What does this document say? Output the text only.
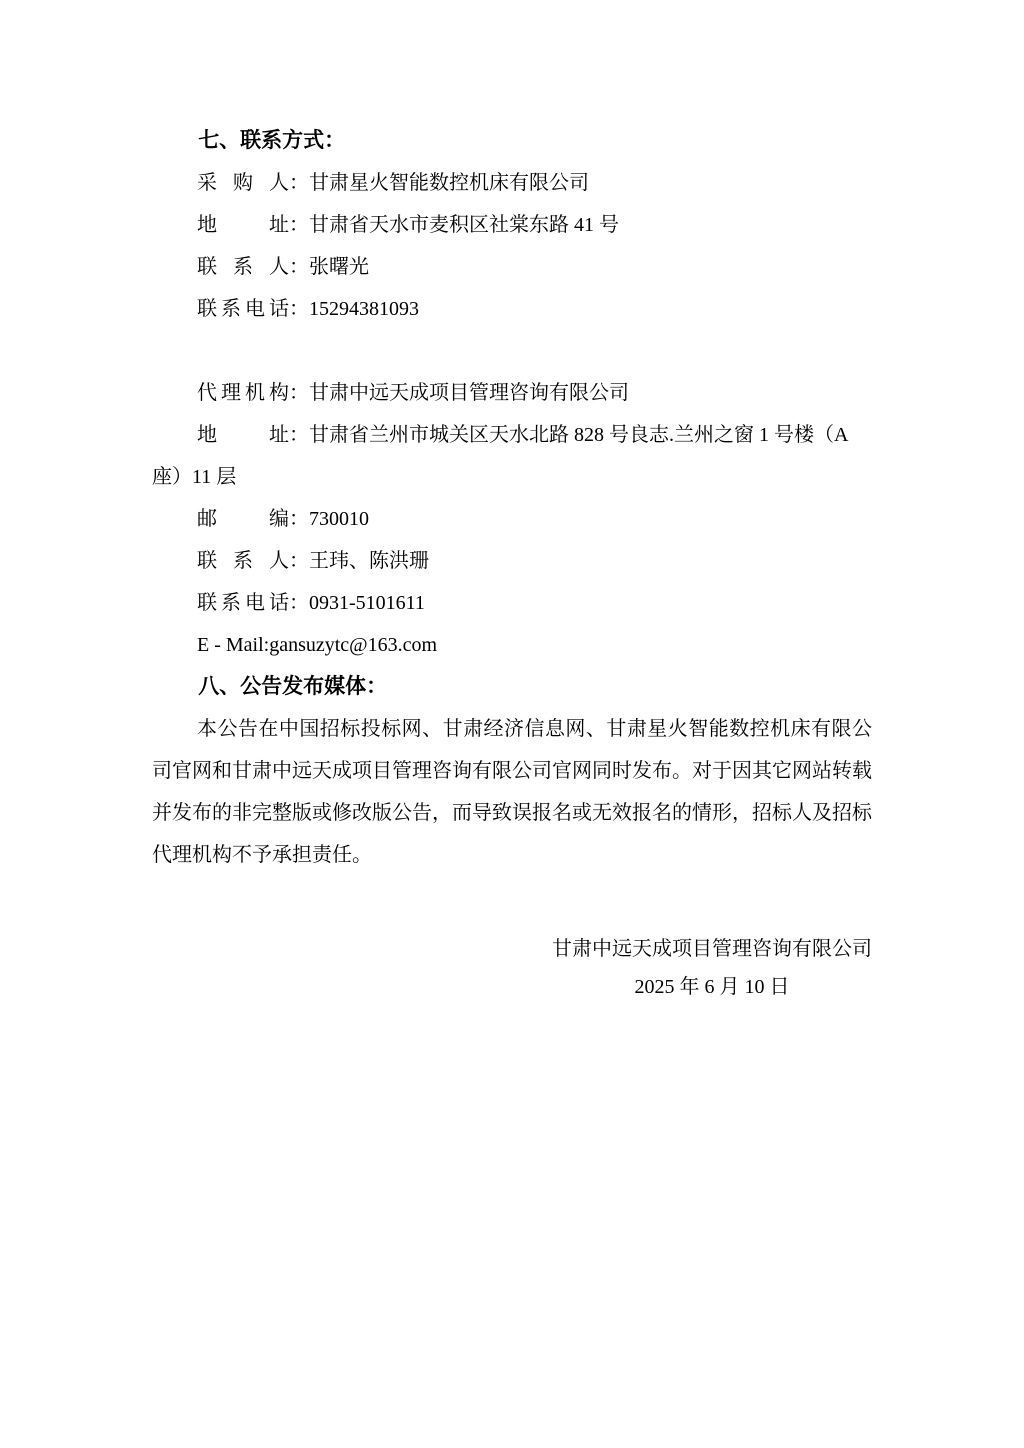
七、联系方式：

采购人：甘肃星火智能数控机床有限公司

地址：甘肃省天水市麦积区社棠东路 41 号

联系人：张曙光

联系电话：15294381093

代理机构：甘肃中远天成项目管理咨询有限公司

地址：甘肃省兰州市城关区天水北路 828 号良志.兰州之窗 1 号楼（A座）11 层

邮编：730010

联系人：王玮、陈洪珊

联系电话：0931-5101611

E - Mail:gansuzytc@163.com

八、公告发布媒体：

本公告在中国招标投标网、甘肃经济信息网、甘肃星火智能数控机床有限公司官网和甘肃中远天成项目管理咨询有限公司官网同时发布。对于因其它网站转载并发布的非完整版或修改版公告，而导致误报名或无效报名的情形，招标人及招标代理机构不予承担责任。

甘肃中远天成项目管理咨询有限公司

2025 年 6 月 10 日
